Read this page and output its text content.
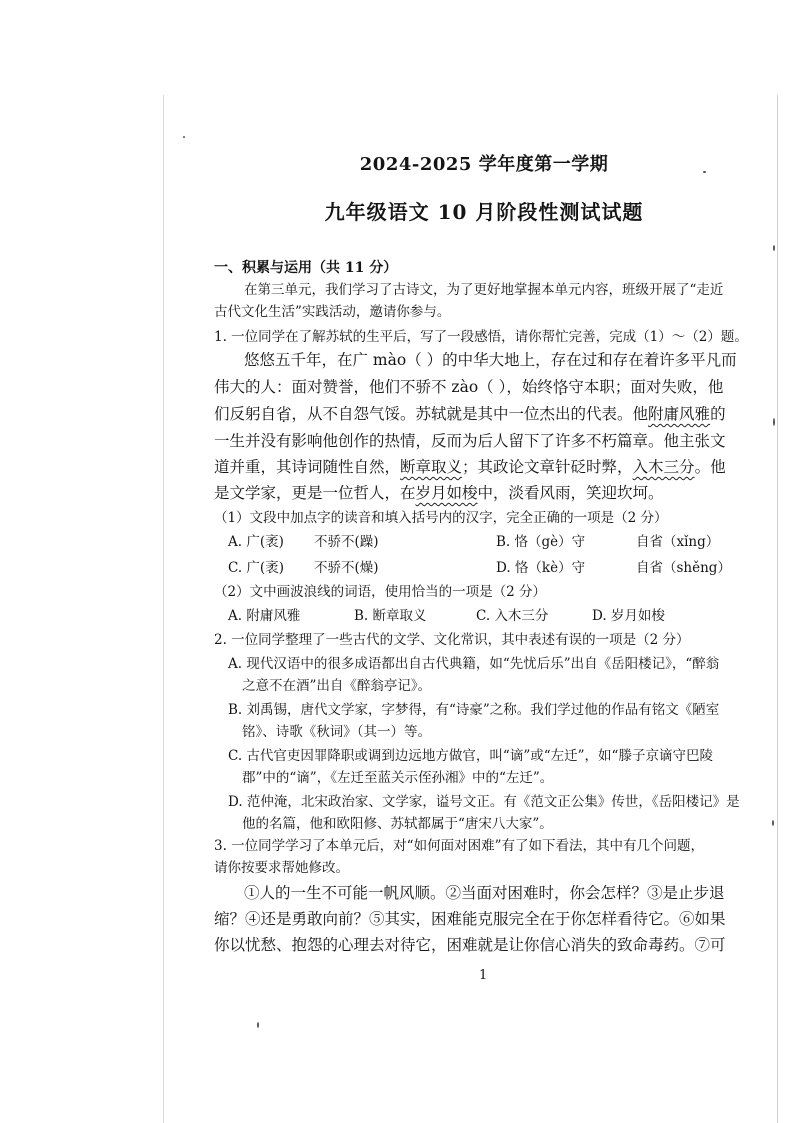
2024-2025 学年度第一学期
九年级语文 10 月阶段性测试试题
一、积累与运用（共 11 分）
在第三单元，我们学习了古诗文，为了更好地掌握本单元内容，班级开展了“走近
古代文化生活”实践活动，邀请你参与。
1. 一位同学在了解苏轼的生平后，写了一段感悟，请你帮忙完善，完成（1）～（2）题。
悠悠五千年，在广 mào（ ）的中华大地上，存在过和存在着许多平凡而
伟大的人：面对赞誉，他们不骄不 zào（ ），始终恪守本职；面对失败，他
们反躬自省，从不自怨气馁。苏轼就是其中一位杰出的代表。他附庸风雅的
一生并没有影响他创作的热情，反而为后人留下了许多不朽篇章。他主张文
道并重，其诗词随性自然，断章取义；其政论文章针砭时弊，入木三分。他
是文学家，更是一位哲人，在岁月如梭中，淡看风雨，笑迎坎坷。
（1）文段中加点字的读音和填入括号内的汉字，完全正确的一项是（2 分）
A. 广(袤) 不骄不(躁)	B. 恪（gè）守	自省（xǐng）
C. 广(袤) 不骄不(燥)	D. 恪（kè）守	自省（shěng）
（2）文中画波浪线的词语，使用恰当的一项是（2 分）
A. 附庸风雅	B. 断章取义	C. 入木三分	D. 岁月如梭
2. 一位同学整理了一些古代的文学、文化常识，其中表述有误的一项是（2 分）
A. 现代汉语中的很多成语都出自古代典籍，如“先忧后乐”出自《岳阳楼记》，“醉翁
之意不在酒”出自《醉翁亭记》。
B. 刘禹锡，唐代文学家，字梦得，有“诗豪”之称。我们学过他的作品有铭文《陋室
铭》、诗歌《秋词》（其一）等。
C. 古代官吏因罪降职或调到边远地方做官，叫“谪”或“左迁”，如“滕子京谪守巴陵
郡”中的“谪”，《左迁至蓝关示侄孙湘》中的“左迁”。
D. 范仲淹，北宋政治家、文学家，谥号文正。有《范文正公集》传世，《岳阳楼记》是
他的名篇，他和欧阳修、苏轼都属于“唐宋八大家”。
3. 一位同学学习了本单元后，对“如何面对困难”有了如下看法，其中有几个问题，
请你按要求帮她修改。
①人的一生不可能一帆风顺。②当面对困难时，你会怎样？③是止步退
缩？④还是勇敢向前？⑤其实，困难能克服完全在于你怎样看待它。⑥如果
你以忧愁、抱怨的心理去对待它，困难就是让你信心消失的致命毒药。⑦可
1
